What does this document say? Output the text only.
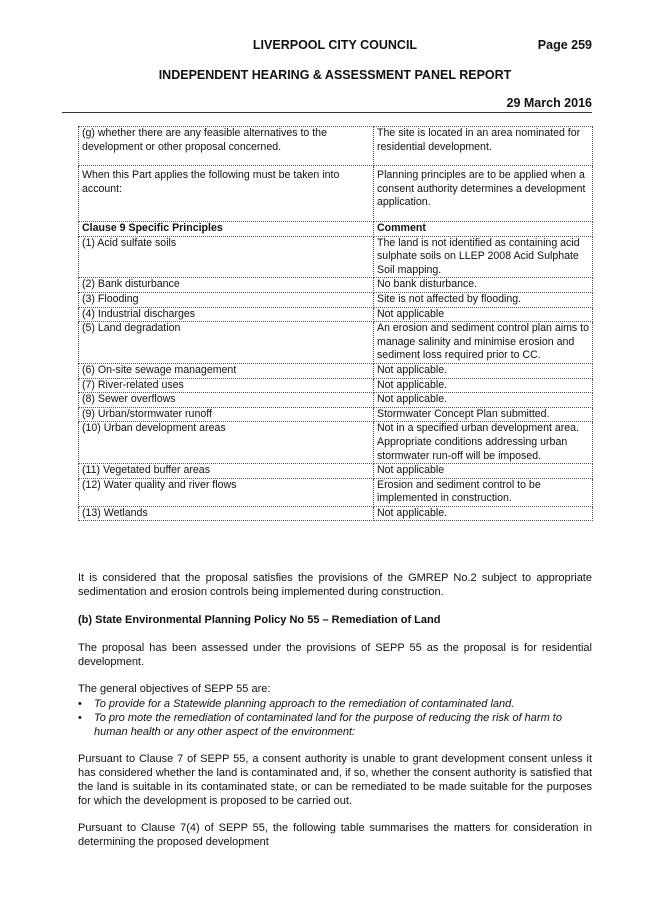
LIVERPOOL CITY COUNCIL	Page 259
INDEPENDENT HEARING & ASSESSMENT PANEL REPORT
29 March 2016
(g) whether there are any feasible alternatives to the development or other proposal concerned.	The site is located in an area nominated for residential development.
When this Part applies the following must be taken into account:	Planning principles are to be applied when a consent authority determines a development application.
Clause 9 Specific Principles	Comment
(1) Acid sulfate soils	The land is not identified as containing acid sulphate soils on LLEP 2008 Acid Sulphate Soil mapping.
(2) Bank disturbance	No bank disturbance.
(3) Flooding	Site is not affected by flooding.
(4) Industrial discharges	Not applicable
(5) Land degradation	An erosion and sediment control plan aims to manage salinity and minimise erosion and sediment loss required prior to CC.
(6) On-site sewage management	Not applicable.
(7) River-related uses	Not applicable.
(8) Sewer overflows	Not applicable.
(9) Urban/stormwater runoff	Stormwater Concept Plan submitted.
(10) Urban development areas	Not in a specified urban development area. Appropriate conditions addressing urban stormwater run-off will be imposed.
(11) Vegetated buffer areas	Not applicable
(12) Water quality and river flows	Erosion and sediment control to be implemented in construction.
(13) Wetlands	Not applicable.
It is considered that the proposal satisfies the provisions of the GMREP No.2 subject to appropriate sedimentation and erosion controls being implemented during construction.
(b) State Environmental Planning Policy No 55 – Remediation of Land
The proposal has been assessed under the provisions of SEPP 55 as the proposal is for residential development.
The general objectives of SEPP 55 are:
• To provide for a Statewide planning approach to the remediation of contaminated land.
• To pro mote the remediation of contaminated land for the purpose of reducing the risk of harm to human health or any other aspect of the environment:
Pursuant to Clause 7 of SEPP 55, a consent authority is unable to grant development consent unless it has considered whether the land is contaminated and, if so, whether the consent authority is satisfied that the land is suitable in its contaminated state, or can be remediated to be made suitable for the purposes for which the development is proposed to be carried out.
Pursuant to Clause 7(4) of SEPP 55, the following table summarises the matters for consideration in determining the proposed development
